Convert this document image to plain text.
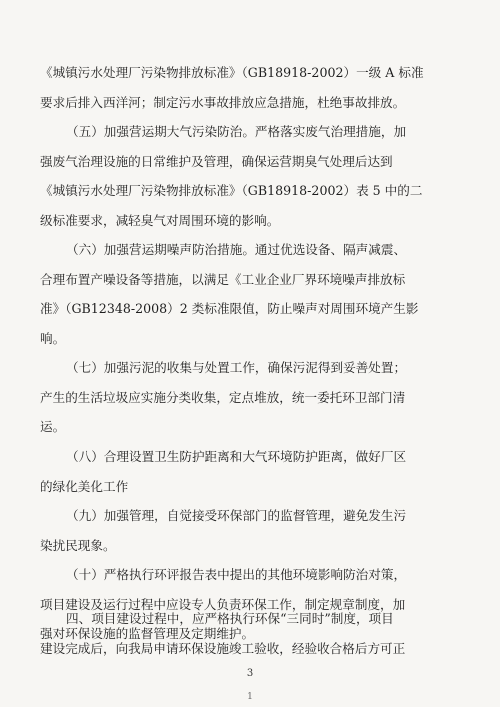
《城镇污水处理厂污染物排放标准》（GB18918-2002）一级 A 标准
要求后排入西洋河；制定污水事故排放应急措施，杜绝事故排放。
（五）加强营运期大气污染防治。严格落实废气治理措施，加
强废气治理设施的日常维护及管理，确保运营期臭气处理后达到
《城镇污水处理厂污染物排放标准》（GB18918-2002）表 5 中的二
级标准要求，减轻臭气对周围环境的影响。
（六）加强营运期噪声防治措施。通过优选设备、隔声减震、
合理布置产噪设备等措施，以满足《工业企业厂界环境噪声排放标
准》（GB12348-2008）2 类标准限值，防止噪声对周围环境产生影
响。
（七）加强污泥的收集与处置工作，确保污泥得到妥善处置；
产生的生活垃圾应实施分类收集，定点堆放，统一委托环卫部门清
运。
（八）合理设置卫生防护距离和大气环境防护距离，做好厂区
的绿化美化工作
（九）加强管理，自觉接受环保部门的监督管理，避免发生污
染扰民现象。
（十）严格执行环评报告表中提出的其他环境影响防治对策，
项目建设及运行过程中应设专人负责环保工作，制定规章制度，加
强对环保设施的监督管理及定期维护。
四、项目建设过程中，应严格执行环保“三同时”制度，项目
建设完成后，向我局申请环保设施竣工验收，经验收合格后方可正
3
1
